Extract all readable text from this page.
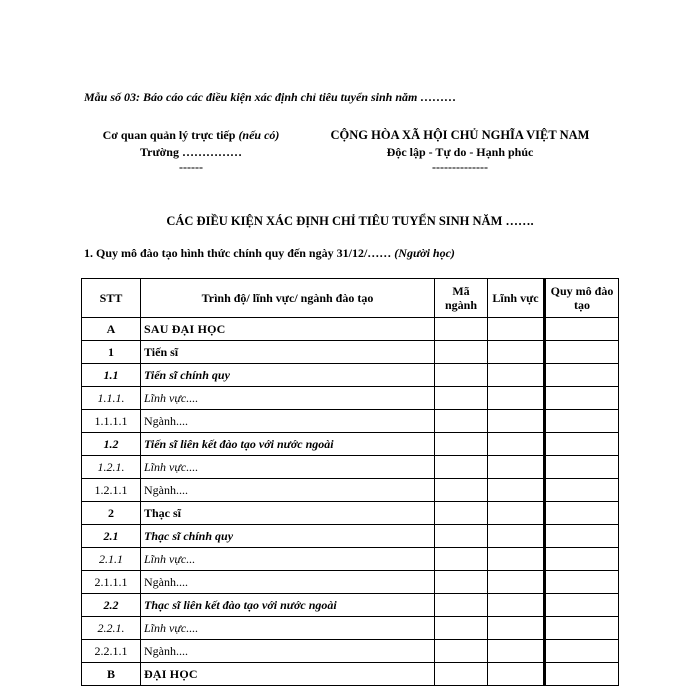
Mẫu số 03: Báo cáo các điều kiện xác định chỉ tiêu tuyển sinh năm ………
Cơ quan quản lý trực tiếp (nếu có)
Trường ……………
------
CỘNG HÒA XÃ HỘI CHỦ NGHĨA VIỆT NAM
Độc lập - Tự do - Hạnh phúc
--------------
CÁC ĐIỀU KIỆN XÁC ĐỊNH CHỈ TIÊU TUYỂN SINH NĂM …….
1. Quy mô đào tạo hình thức chính quy đến ngày 31/12/…… (Người học)
STT	Trình độ/ lĩnh vực/ ngành đào tạo	Mã ngành	Lĩnh vực	Quy mô đào tạo
A	SAU ĐẠI HỌC			
1	Tiến sĩ			
1.1	Tiến sĩ chính quy			
1.1.1.	Lĩnh vực....			
1.1.1.1	Ngành....			
1.2	Tiến sĩ liên kết đào tạo với nước ngoài			
1.2.1.	Lĩnh vực....			
1.2.1.1	Ngành....			
2	Thạc sĩ			
2.1	Thạc sĩ chính quy			
2.1.1	Lĩnh vực...			
2.1.1.1	Ngành....			
2.2	Thạc sĩ liên kết đào tạo với nước ngoài			
2.2.1.	Lĩnh vực....			
2.2.1.1	Ngành....			
B	ĐẠI HỌC			
